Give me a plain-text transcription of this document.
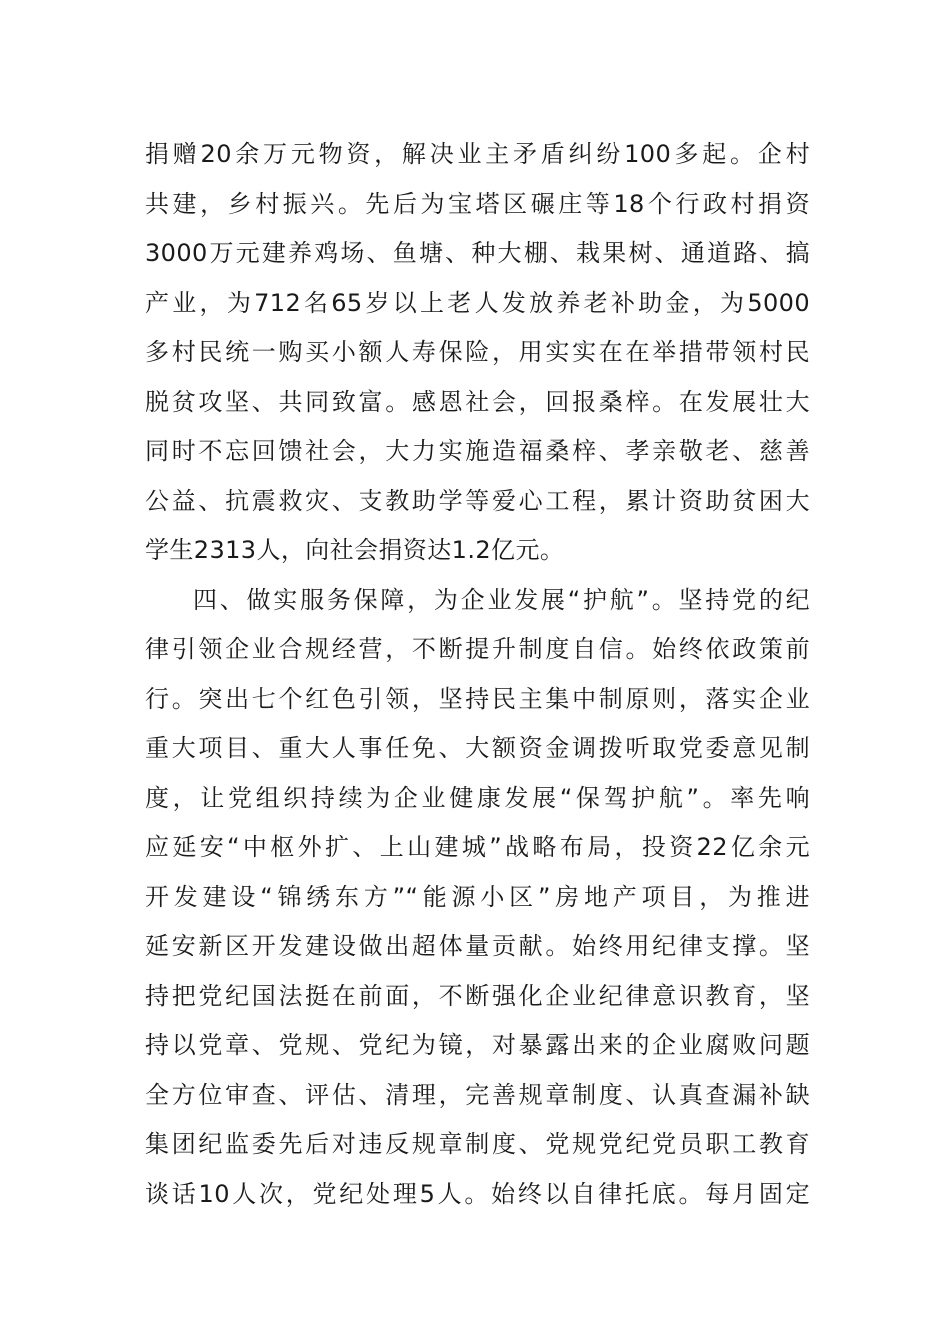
捐赠20余万元物资，解决业主矛盾纠纷100多起。企村
共建，乡村振兴。先后为宝塔区碾庄等18个行政村捐资
3000万元建养鸡场、鱼塘、种大棚、栽果树、通道路、搞
产业，为712名65岁以上老人发放养老补助金，为5000
多村民统一购买小额人寿保险，用实实在在举措带领村民
脱贫攻坚、共同致富。感恩社会，回报桑梓。在发展壮大
同时不忘回馈社会，大力实施造福桑梓、孝亲敬老、慈善
公益、抗震救灾、支教助学等爱心工程，累计资助贫困大
学生2313人，向社会捐资达1.2亿元。
四、做实服务保障，为企业发展“护航”。坚持党的纪
律引领企业合规经营，不断提升制度自信。始终依政策前
行。突出七个红色引领，坚持民主集中制原则，落实企业
重大项目、重大人事任免、大额资金调拨听取党委意见制
度，让党组织持续为企业健康发展“保驾护航”。率先响
应延安“中枢外扩、上山建城”战略布局，投资22亿余元
开发建设“锦绣东方”“能源小区”房地产项目，为推进
延安新区开发建设做出超体量贡献。始终用纪律支撑。坚
持把党纪国法挺在前面，不断强化企业纪律意识教育，坚
持以党章、党规、党纪为镜，对暴露出来的企业腐败问题
全方位审查、评估、清理，完善规章制度、认真查漏补缺
集团纪监委先后对违反规章制度、党规党纪党员职工教育
谈话10人次，党纪处理5人。始终以自律托底。每月固定
